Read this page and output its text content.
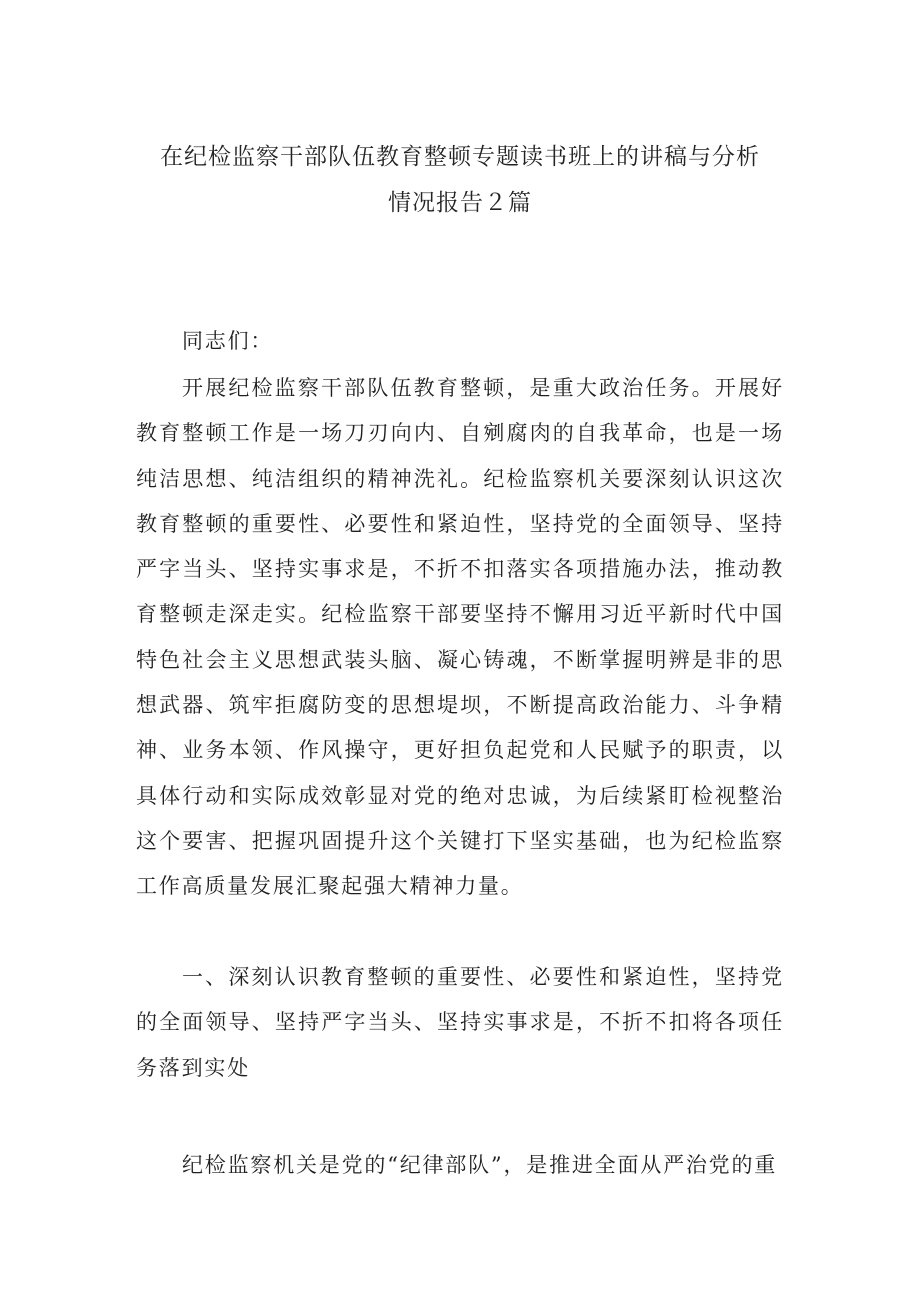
在纪检监察干部队伍教育整顿专题读书班上的讲稿与分析
情况报告２篇

同志们：

开展纪检监察干部队伍教育整顿，是重大政治任务。开展好教育整顿工作是一场刀刃向内、自剜腐肉的自我革命，也是一场纯洁思想、纯洁组织的精神洗礼。纪检监察机关要深刻认识这次教育整顿的重要性、必要性和紧迫性，坚持党的全面领导、坚持严字当头、坚持实事求是，不折不扣落实各项措施办法，推动教育整顿走深走实。纪检监察干部要坚持不懈用习近平新时代中国特色社会主义思想武装头脑、凝心铸魂，不断掌握明辨是非的思想武器、筑牢拒腐防变的思想堤坝，不断提高政治能力、斗争精神、业务本领、作风操守，更好担负起党和人民赋予的职责，以具体行动和实际成效彰显对党的绝对忠诚，为后续紧盯检视整治这个要害、把握巩固提升这个关键打下坚实基础，也为纪检监察工作高质量发展汇聚起强大精神力量。

一、深刻认识教育整顿的重要性、必要性和紧迫性，坚持党的全面领导、坚持严字当头、坚持实事求是，不折不扣将各项任务落到实处

纪检监察机关是党的“纪律部队”，是推进全面从严治党的重
